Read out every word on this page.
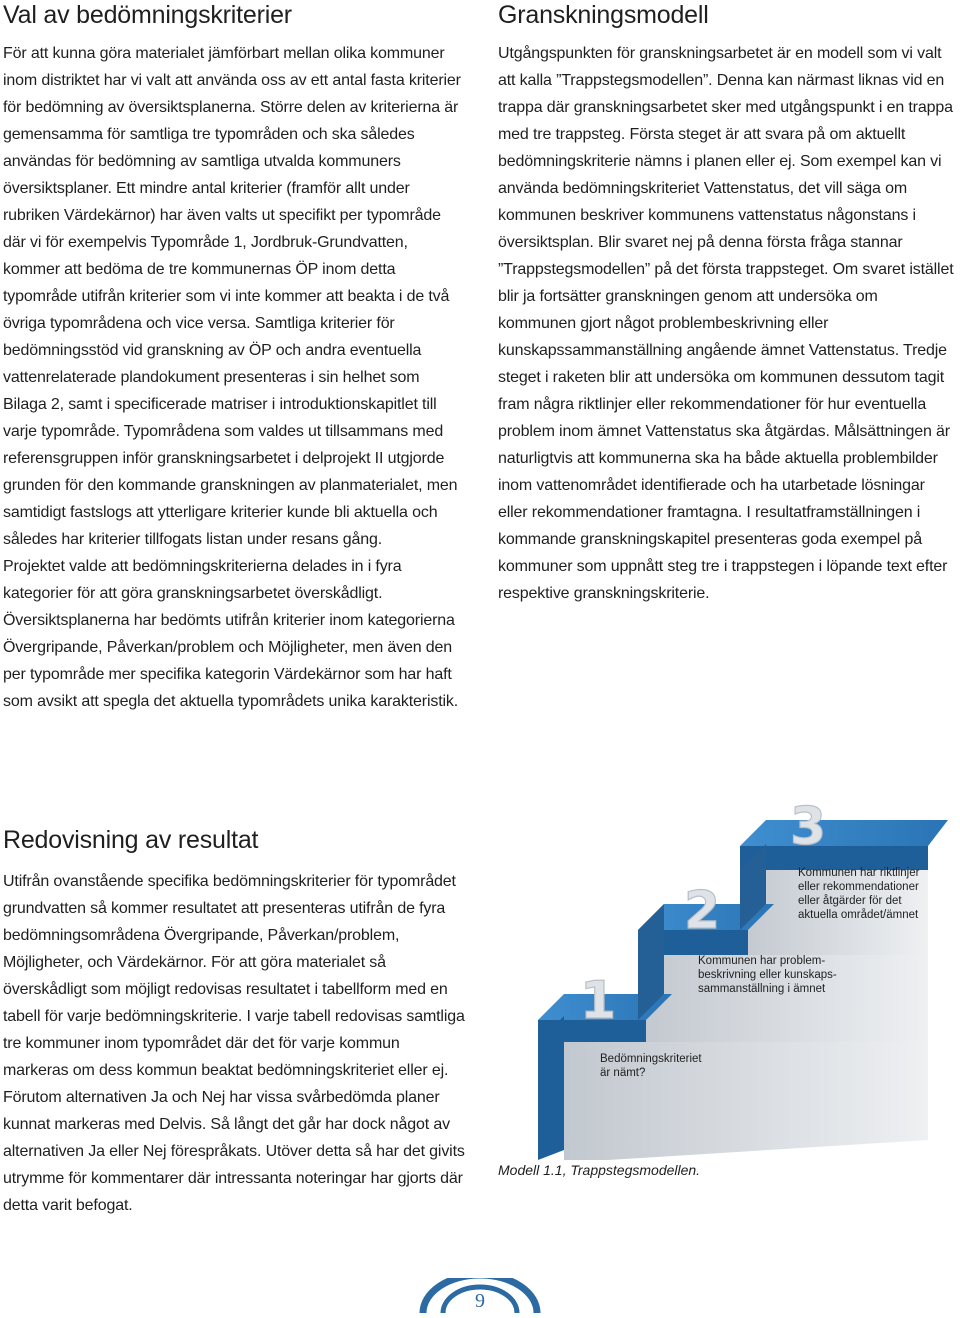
Val av bedömningskriterier

För att kunna göra materialet jämförbart mellan olika kommuner inom distriktet har vi valt att använda oss av ett antal fasta kriterier för bedömning av översiktsplanerna. Större delen av kriterierna är gemensamma för samtliga tre typområden och ska således användas för bedömning av samtliga utvalda kommuners översiktsplaner. Ett mindre antal kriterier (framför allt under rubriken Värdekärnor) har även valts ut specifikt per typområde där vi för exempelvis Typområde 1, Jordbruk-Grundvatten, kommer att bedöma de tre kommunernas ÖP inom detta typområde utifrån kriterier som vi inte kommer att beakta i de två övriga typområdena och vice versa. Samtliga kriterier för bedömningsstöd vid granskning av ÖP och andra eventuella vattenrelaterade plandokument presenteras i sin helhet som Bilaga 2, samt i specificerade matriser i introduktionskapitlet till varje typområde. Typområdena som valdes ut tillsammans med referensgruppen inför granskningsarbetet i delprojekt II utgjorde grunden för den kommande granskningen av planmaterialet, men samtidigt fastslogs att ytterligare kriterier kunde bli aktuella och således har kriterier tillfogats listan under resans gång.

Projektet valde att bedömningskriterierna delades in i fyra kategorier för att göra granskningsarbetet överskådligt. Översiktsplanerna har bedömts utifrån kriterier inom kategorierna Övergripande, Påverkan/problem och Möjligheter, men även den per typområde mer specifika kategorin Värdekärnor som har haft som avsikt att spegla det aktuella typområdets unika karakteristik.

Redovisning av resultat

Utifrån ovanstående specifika bedömningskriterier för typområdet grundvatten så kommer resultatet att presenteras utifrån de fyra bedömningsområdena Övergripande, Påverkan/problem, Möjligheter, och Värdekärnor. För att göra materialet så överskådligt som möjligt redovisas resultatet i tabellform med en tabell för varje bedömningskriterie. I varje tabell redovisas samtliga tre kommuner inom typområdet där det för varje kommun markeras om dess kommun beaktat bedömningskriteriet eller ej. Förutom alternativen Ja och Nej har vissa svårbedömda planer kunnat markeras med Delvis. Så långt det går har dock något av alternativen Ja eller Nej förespråkats. Utöver detta så har det givits utrymme för kommentarer där intressanta noteringar har gjorts där detta varit befogat.

Granskningsmodell

Utgångspunkten för granskningsarbetet är en modell som vi valt att kalla ”Trappstegsmodellen”. Denna kan närmast liknas vid en trappa där granskningsarbetet sker med utgångspunkt i en trappa med tre trappsteg. Första steget är att svara på om aktuellt bedömningskriterie nämns i planen eller ej. Som exempel kan vi använda bedömningskriteriet Vattenstatus, det vill säga om kommunen beskriver kommunens vattenstatus någonstans i översiktsplan. Blir svaret nej på denna första fråga stannar ”Trappstegsmodellen” på det första trappsteget. Om svaret istället blir ja fortsätter granskningen genom att undersöka om kommunen gjort något problembeskrivning eller kunskapssammanställning angående ämnet Vattenstatus. Tredje steget i raketen blir att undersöka om kommunen dessutom tagit fram några riktlinjer eller rekommendationer för hur eventuella problem inom ämnet Vattenstatus ska åtgärdas. Målsättningen är naturligtvis att kommunerna ska ha både aktuella problembilder inom vattenområdet identifierade och ha utarbetade lösningar eller rekommendationer framtagna. I resultatframställningen i kommande granskningskapitel presenteras goda exempel på kommuner som uppnått steg tre i trappstegen i löpande text efter respektive granskningskriterie.

3
2
1
Kommunen har riktlinjer eller rekommendationer eller åtgärder för det aktuella området/ämnet
Kommunen har problem- beskrivning eller kunskaps- sammanställning i ämnet
Bedömningskriteriet är nämt?
Modell 1.1, Trappstegsmodellen.
9
